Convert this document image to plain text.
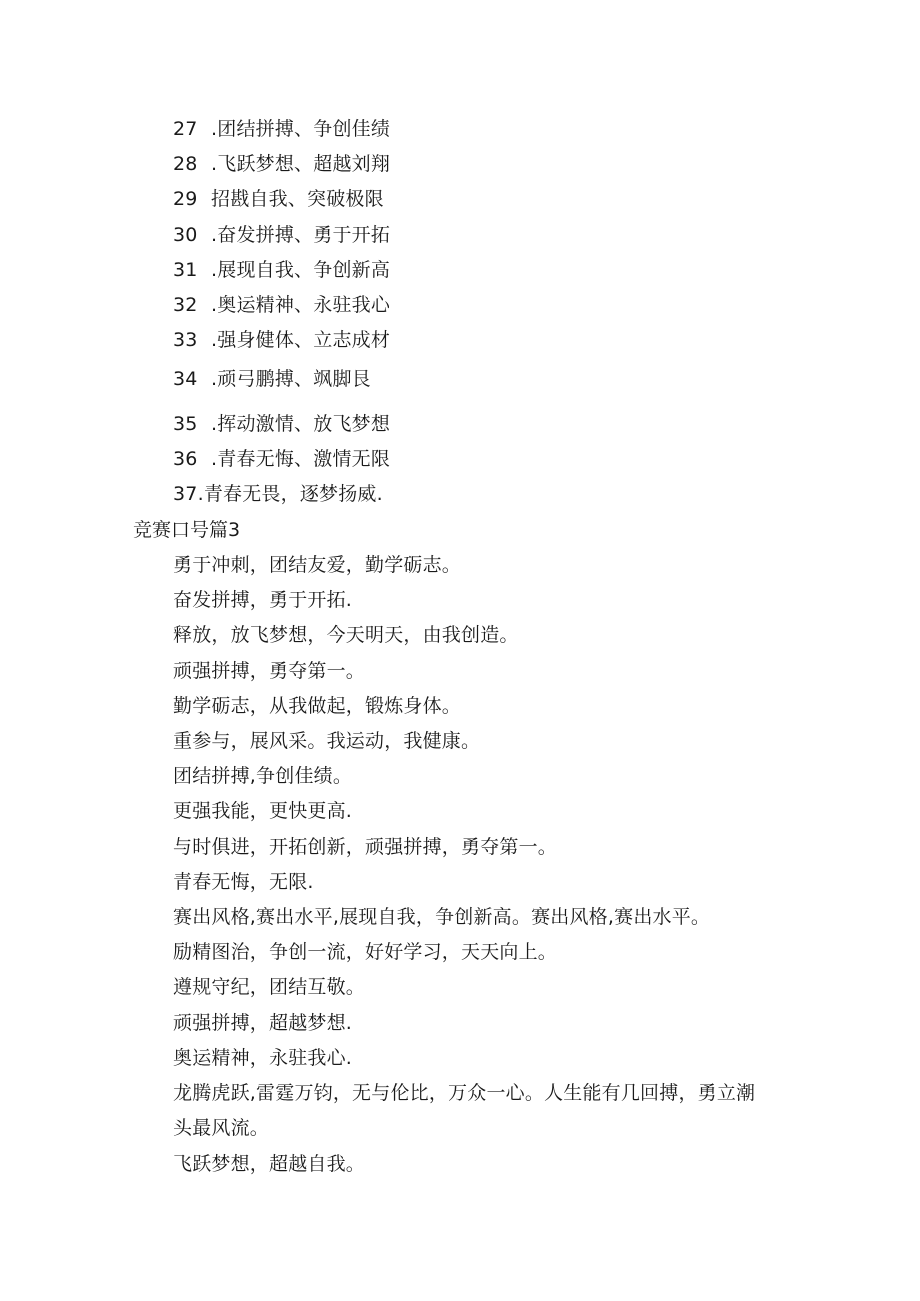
27 .团结拼搏、争创佳绩
28 .飞跃梦想、超越刘翔
29 招戡自我、突破极限
30 .奋发拼搏、勇于开拓
31 .展现自我、争创新高
32 .奥运精神、永驻我心
33 .强身健体、立志成材
34 .顽弓鹏搏、飒脚艮
35 .挥动激情、放飞梦想
36 .青春无悔、激情无限
37.青春无畏，逐梦扬威.
竞赛口号篇3
勇于冲刺，团结友爱，勤学砺志。
奋发拼搏，勇于开拓.
释放，放飞梦想，今天明天，由我创造。
顽强拼搏，勇夺第一。
勤学砺志，从我做起，锻炼身体。
重参与，展风采。我运动，我健康。
团结拼搏,争创佳绩。
更强我能，更快更高.
与时俱进，开拓创新，顽强拼搏，勇夺第一。
青春无悔，无限.
赛出风格,赛出水平,展现自我，争创新高。赛出风格,赛出水平。
励精图治，争创一流，好好学习，天天向上。
遵规守纪，团结互敬。
顽强拼搏，超越梦想.
奥运精神，永驻我心.
龙腾虎跃,雷霆万钧，无与伦比，万众一心。人生能有几回搏，勇立潮
头最风流。
飞跃梦想，超越自我。
